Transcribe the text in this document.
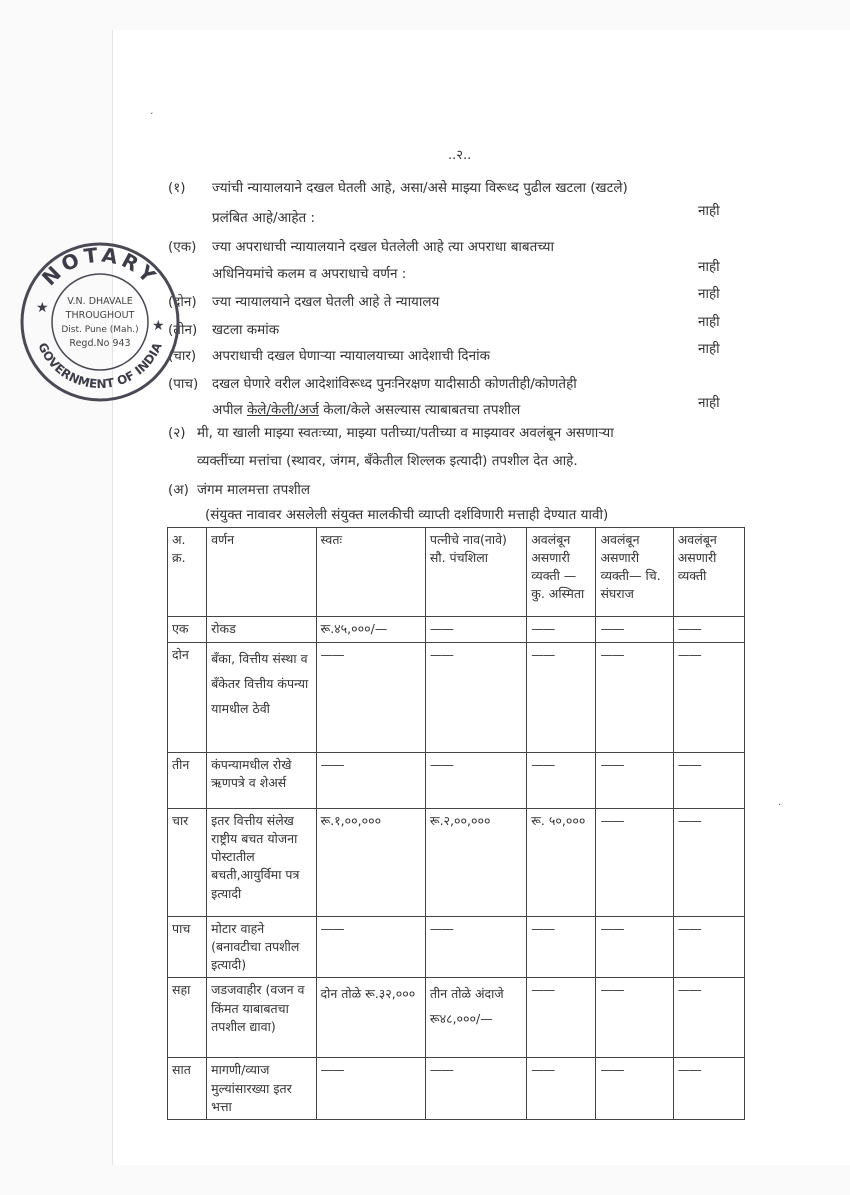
..२..
(१) ज्यांची न्यायालयाने दखल घेतली आहे, असा/असे माझ्या विरूध्द पुढील खटला (खटले)
प्रलंबित आहे/आहेत :	नाही
(एक) ज्या अपराधाची न्यायालयाने दखल घेतलेली आहे त्या अपराधा बाबतच्या
अधिनियमांचे कलम व अपराधाचे वर्णन :	नाही
(दोन) ज्या न्यायालयाने दखल घेतली आहे ते न्यायालय	नाही
(तीन) खटला कमांक	नाही
(चार) अपराधाची दखल घेणाऱ्या न्यायालयाच्या आदेशाची दिनांक	नाही
(पाच) दखल घेणारे वरील आदेशांविरूध्द पुनःनिरक्षण यादीसाठी कोणतीही/कोणतेही
अपील केले/केली/अर्ज केला/केले असल्यास त्याबाबतचा तपशील	नाही
(२) मी, या खाली माझ्या स्वतःच्या, माझ्या पतीच्या/पतीच्या व माझ्यावर अवलंबून असणाऱ्या
व्यक्तींच्या मत्तांचा (स्थावर, जंगम, बँकेतील शिल्लक इत्यादी) तपशील देत आहे.
(अ) जंगम मालमत्ता तपशील
(संयुक्त नावावर असलेली संयुक्त मालकीची व्याप्ती दर्शविणारी मत्ताही देण्यात यावी)
NOTARY
GOVERNMENT OF INDIA
★
★
V.N. DHAVALE
THROUGHOUT
Dist. Pune (Mah.)
Regd.No 943
अ. क्र.	वर्णन	स्वतः	पत्नीचे नाव(नावे) सौ. पंचशिला	अवलंबून असणारी व्यक्ती — कु. अस्मिता	अवलंबून असणारी व्यक्ती— चि. संघराज	अवलंबून असणारी व्यक्ती
एक	रोकड	रू.४५,०००/—	——	——	——	——
दोन	बँका, वित्तीय संस्था व बँकेतर वित्तीय कंपन्या यामधील ठेवी	——	——	——	——	——
तीन	कंपन्यामधील रोखे ऋणपत्रे व शेअर्स	——	——	——	——	——
चार	इतर वित्तीय संलेख राष्ट्रीय बचत योजना पोस्टातील बचती,आयुर्विमा पत्र इत्यादी	रू.१,००,०००	रू.२,००,०००	रू. ५०,०००	——	——
पाच	मोटार वाहने (बनावटीचा तपशील इत्यादी)	——	——	——	——	——
सहा	जडजवाहीर (वजन व किंमत याबाबतचा तपशील द्यावा)	दोन तोळे रू.३२,०००	तीन तोळे अंदाजे रू४८,०००/—	——	——	——
सात	मागणी/व्याज मुल्यांसारख्या इतर भत्ता	——	——	——	——	——
˯
·
